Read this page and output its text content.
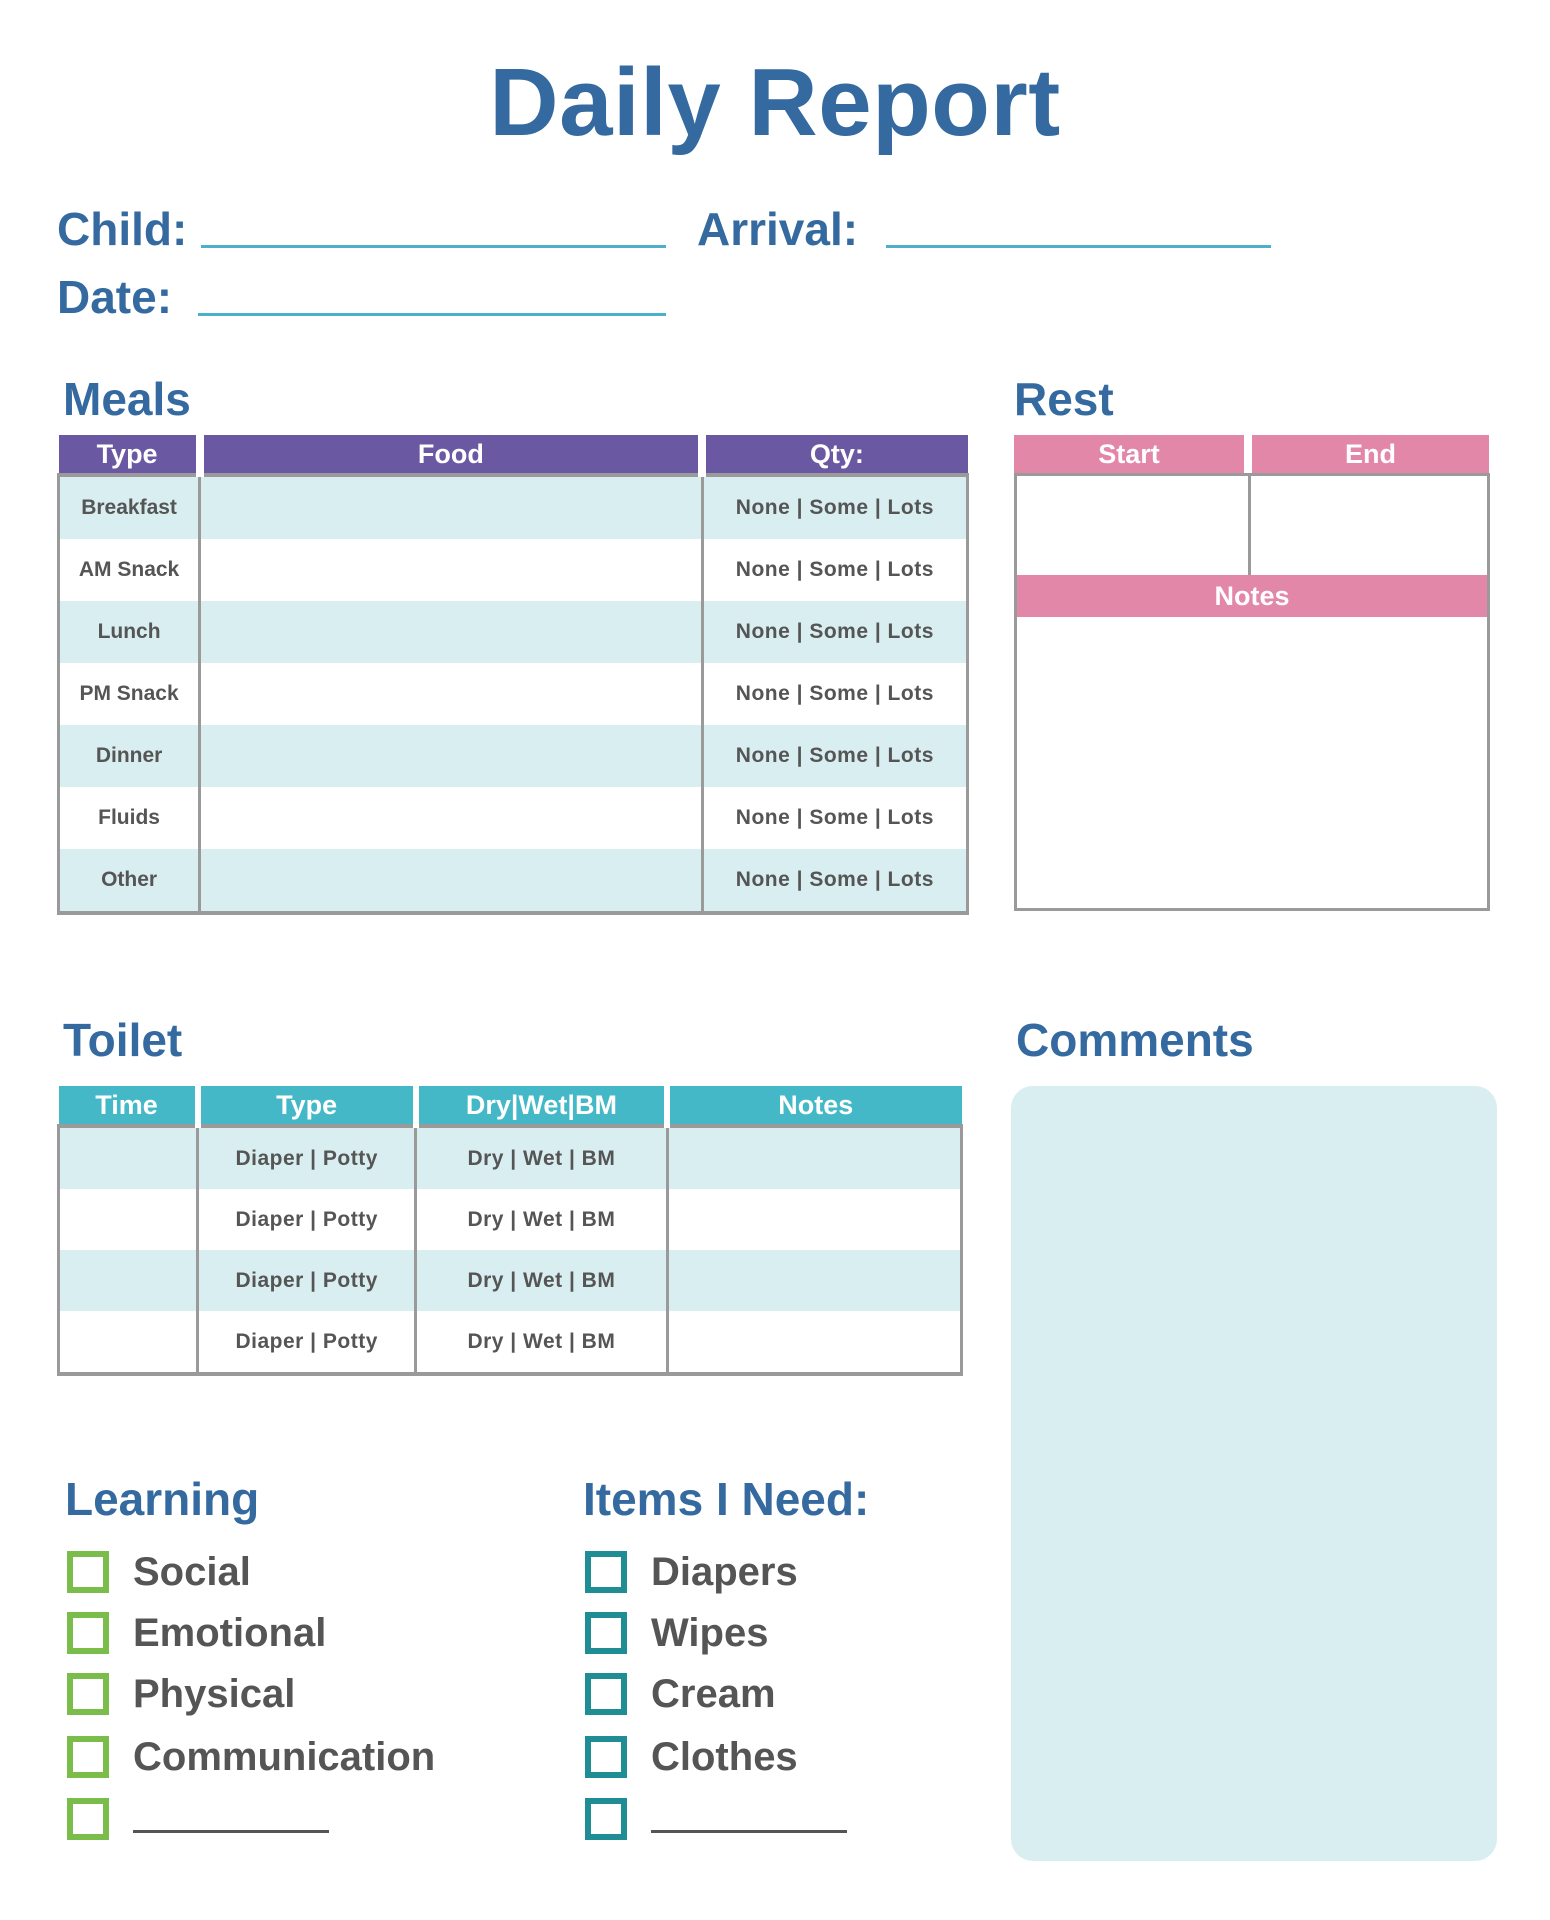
Daily Report
Child:	Arrival:
Date:
Meals
Type	Food	Qty:
Breakfast		None | Some | Lots
AM Snack		None | Some | Lots
Lunch		None | Some | Lots
PM Snack		None | Some | Lots
Dinner		None | Some | Lots
Fluids		None | Some | Lots
Other		None | Some | Lots
Rest
Start	End
Notes
Toilet
Time	Type	Dry|Wet|BM	Notes
	Diaper | Potty	Dry | Wet | BM	
	Diaper | Potty	Dry | Wet | BM	
	Diaper | Potty	Dry | Wet | BM	
	Diaper | Potty	Dry | Wet | BM	
Comments
Learning
Social
Emotional
Physical
Communication
Items I Need:
Diapers
Wipes
Cream
Clothes
